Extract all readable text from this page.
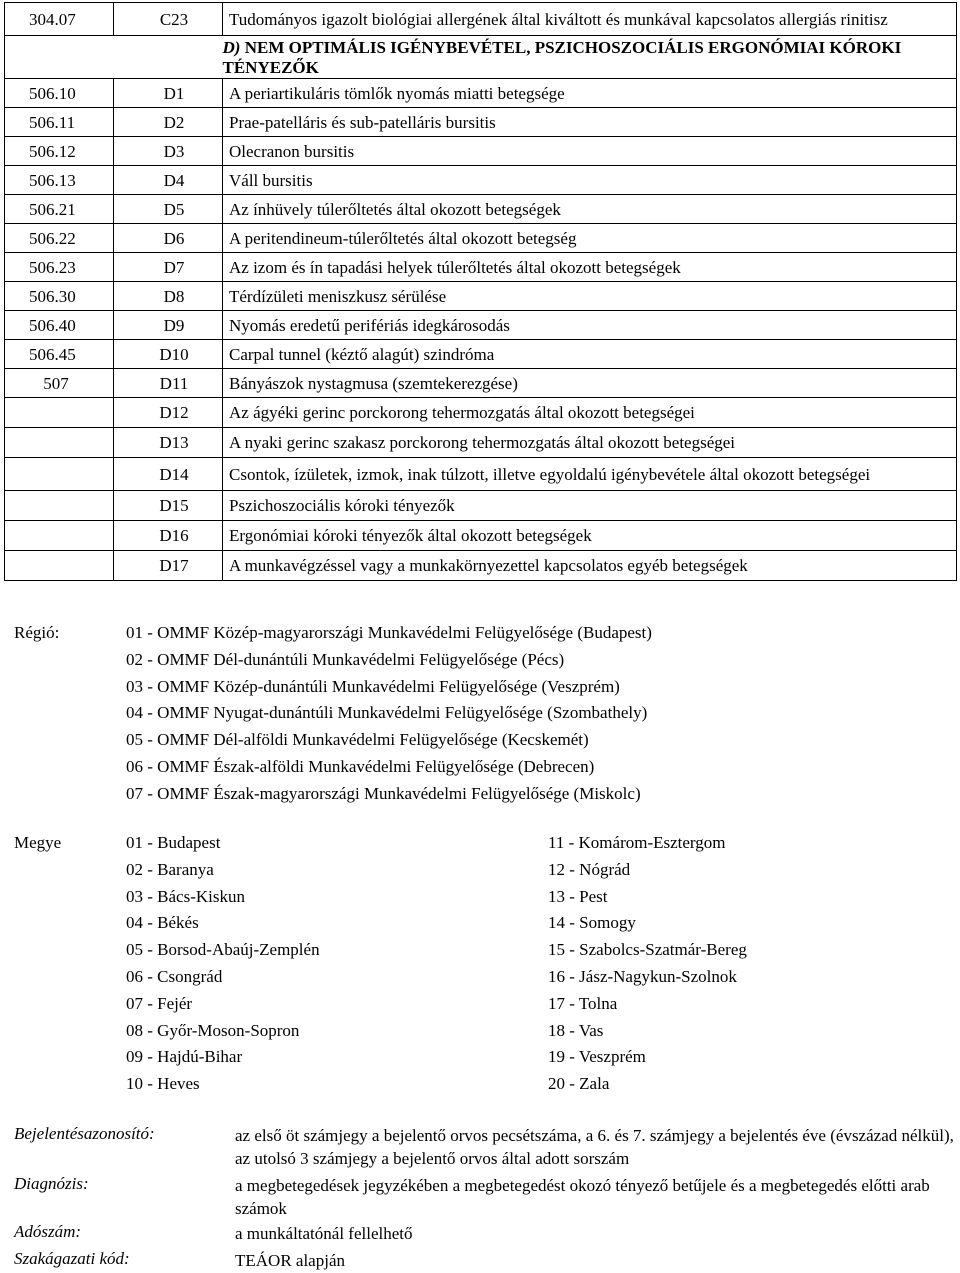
304.07	C23	Tudományos igazolt biológiai allergének által kiváltott és munkával kapcsolatos allergiás rinitisz
		D) NEM OPTIMÁLIS IGÉNYBEVÉTEL, PSZICHOSZOCIÁLIS ERGONÓMIAI KÓROKI TÉNYEZŐK
506.10	D1	A periartikuláris tömlők nyomás miatti betegsége
506.11	D2	Prae-patelláris és sub-patelláris bursitis
506.12	D3	Olecranon bursitis
506.13	D4	Váll bursitis
506.21	D5	Az ínhüvely túlerőltetés által okozott betegségek
506.22	D6	A peritendineum-túlerőltetés által okozott betegség
506.23	D7	Az izom és ín tapadási helyek túlerőltetés által okozott betegségek
506.30	D8	Térdízületi meniszkusz sérülése
506.40	D9	Nyomás eredetű perifériás idegkárosodás
506.45	D10	Carpal tunnel (kéztő alagút) szindróma
507	D11	Bányászok nystagmusa (szemtekerezgése)
	D12	Az ágyéki gerinc porckorong tehermozgatás által okozott betegségei
	D13	A nyaki gerinc szakasz porckorong tehermozgatás által okozott betegségei
	D14	Csontok, ízületek, izmok, inak túlzott, illetve egyoldalú igénybevétele által okozott betegségei
	D15	Pszichoszociális kóroki tényezők
	D16	Ergonómiai kóroki tényezők által okozott betegségek
	D17	A munkavégzéssel vagy a munkakörnyezettel kapcsolatos egyéb betegségek
Régió:	01 - OMMF Közép-magyarországi Munkavédelmi Felügyelősége (Budapest)
02 - OMMF Dél-dunántúli Munkavédelmi Felügyelősége (Pécs)
03 - OMMF Közép-dunántúli Munkavédelmi Felügyelősége (Veszprém)
04 - OMMF Nyugat-dunántúli Munkavédelmi Felügyelősége (Szombathely)
05 - OMMF Dél-alföldi Munkavédelmi Felügyelősége (Kecskemét)
06 - OMMF Észak-alföldi Munkavédelmi Felügyelősége (Debrecen)
07 - OMMF Észak-magyarországi Munkavédelmi Felügyelősége (Miskolc)
Megye	01 - Budapest
02 - Baranya
03 - Bács-Kiskun
04 - Békés
05 - Borsod-Abaúj-Zemplén
06 - Csongrád
07 - Fejér
08 - Győr-Moson-Sopron
09 - Hajdú-Bihar
10 - Heves
11 - Komárom-Esztergom
12 - Nógrád
13 - Pest
14 - Somogy
15 - Szabolcs-Szatmár-Bereg
16 - Jász-Nagykun-Szolnok
17 - Tolna
18 - Vas
19 - Veszprém
20 - Zala
Bejelentésazonosító:	az első öt számjegy a bejelentő orvos pecsétszáma, a 6. és 7. számjegy a bejelentés éve (évszázad nélkül), az utolsó 3 számjegy a bejelentő orvos által adott sorszám
Diagnózis:	a megbetegedések jegyzékében a megbetegedést okozó tényező betűjele és a megbetegedés előtti arab számok
Adószám:	a munkáltatónál fellelhető
Szakágazati kód:	TEÁOR alapján
